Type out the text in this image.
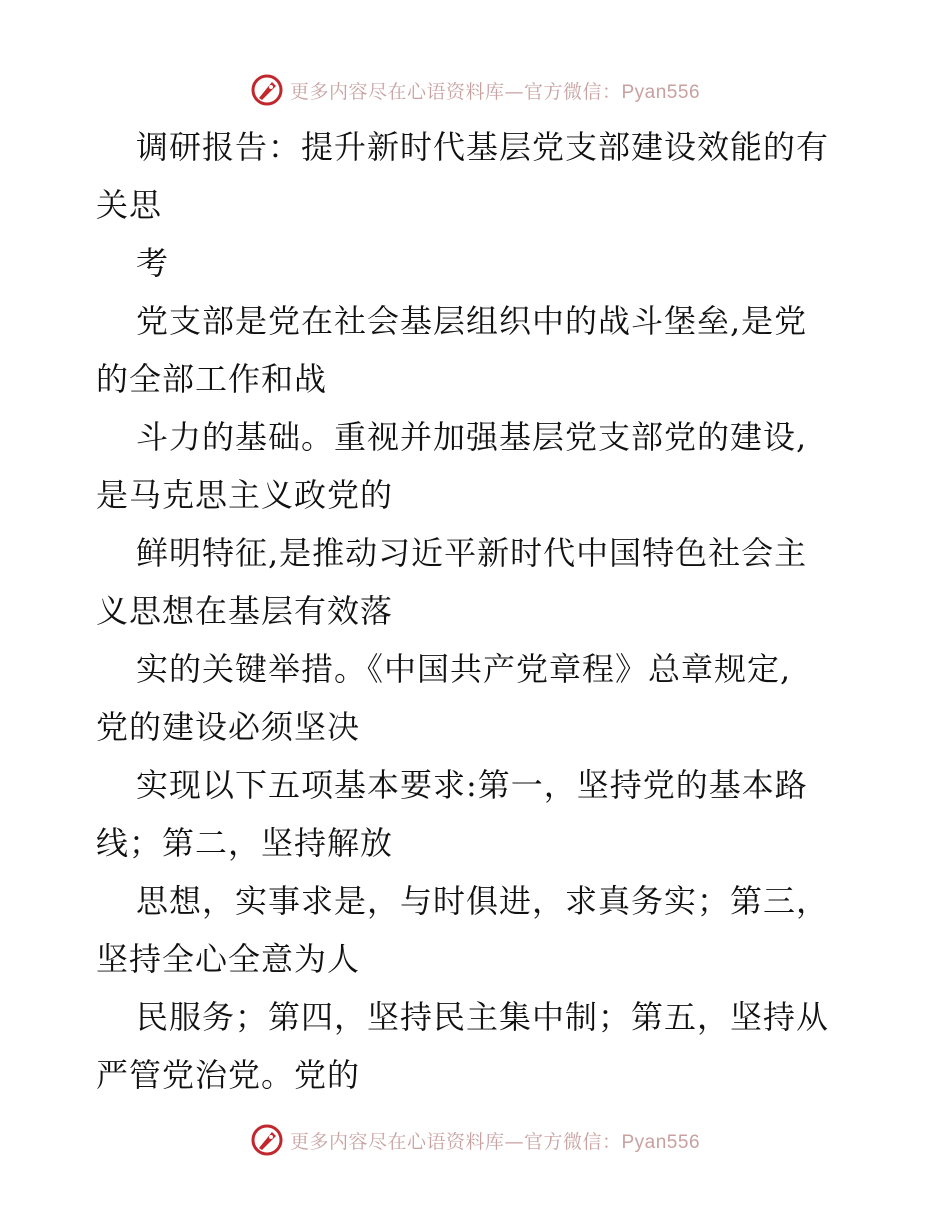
更多内容尽在心语资料库—官方微信：Pyan556
调研报告：提升新时代基层党支部建设效能的有
关思
考
党支部是党在社会基层组织中的战斗堡垒,是党
的全部工作和战
斗力的基础。重视并加强基层党支部党的建设,
是马克思主义政党的
鲜明特征,是推动习近平新时代中国特色社会主
义思想在基层有效落
实的关键举措。《中国共产党章程》总章规定,
党的建设必须坚决
实现以下五项基本要求:第一，坚持党的基本路
线；第二，坚持解放
思想，实事求是，与时俱进，求真务实；第三，
坚持全心全意为人
民服务；第四，坚持民主集中制；第五，坚持从
严管党治党。党的
更多内容尽在心语资料库—官方微信：Pyan556
